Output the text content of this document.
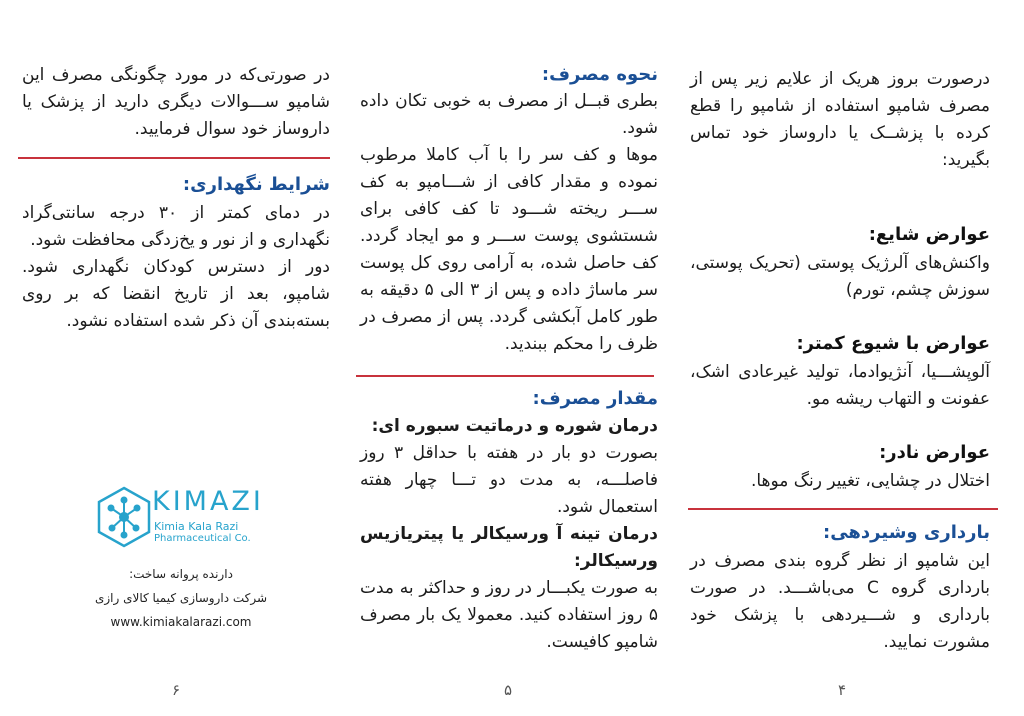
درصورت بروز هریک از علایم زیر پس از مصرف شامپو استفاده از شامپو را قطع کرده با پزشــک یا داروساز خود تماس بگیرید:
عوارض شایع:
واکنش‌های آلرژیک پوستی (تحریک پوستی، سوزش چشم، تورم)
عوارض با شیوع کمتر:
آلوپشـــیا، آنژیوادما، تولید غیرعادی اشک، عفونت و التهاب ریشه مو.
عوارض نادر:
اختلال در چشایی، تغییر رنگ موها.
بارداری وشیردهی:
این شامپو از نظر گروه بندی مصرف در بارداری گروه C می‌باشـــد. در صورت بارداری و شـــیردهی با پزشک خود مشورت نمایید.
۴
نحوه مصرف:

بطری قبــل از مصرف به خوبی تکان داده شود.

موها و کف سر را با آب کاملا مرطوب نموده و مقدار کافی از شـــامپو به کف ســـر ریخته شـــود تا کف کافی برای شستشوی پوست ســـر و مو ایجاد گردد. کف حاصل شده، به آرامی روی کل پوست سر ماساژ داده و پس از ۳ الی ۵ دقیقه به طور کامل آبکشی گردد. پس از مصرف در ظرف را محکم ببندید.

مقدار مصرف:

درمان شوره و درماتیت سبوره ای:

بصورت دو بار در هفته با حداقل ۳ روز فاصلـــه، به مدت دو تـــا چهار هفته استعمال شود.

درمان تینه آ ورسیکالر یا پیتریازیس ورسیکالر:

به صورت یکبـــار در روز و حداکثر به مدت ۵ روز استفاده کنید. معمولا یک بار مصرف شامپو کافیست.

۵
در صورتی‌که در مورد چگونگی مصرف این شامپو ســـوالات دیگری دارید از پزشک یا داروساز خود سوال فرمایید.
شرایط نگهداری:

در دمای کمتر از ۳۰ درجه سانتی‌گراد نگهداری و از نور و یخ‌زدگی محافظت شود.

دور از دسترس کودکان نگهداری شود. شامپو، بعد از تاریخ انقضا که بر روی بسته‌بندی آن ذکر شده استفاده نشود.

KIMAZI
Kimia Kala Razi
Pharmaceutical Co.
دارنده پروانه ساخت:
شرکت داروسازی کیمیا کالای رازی
www.kimiakalarazi.com
۶
